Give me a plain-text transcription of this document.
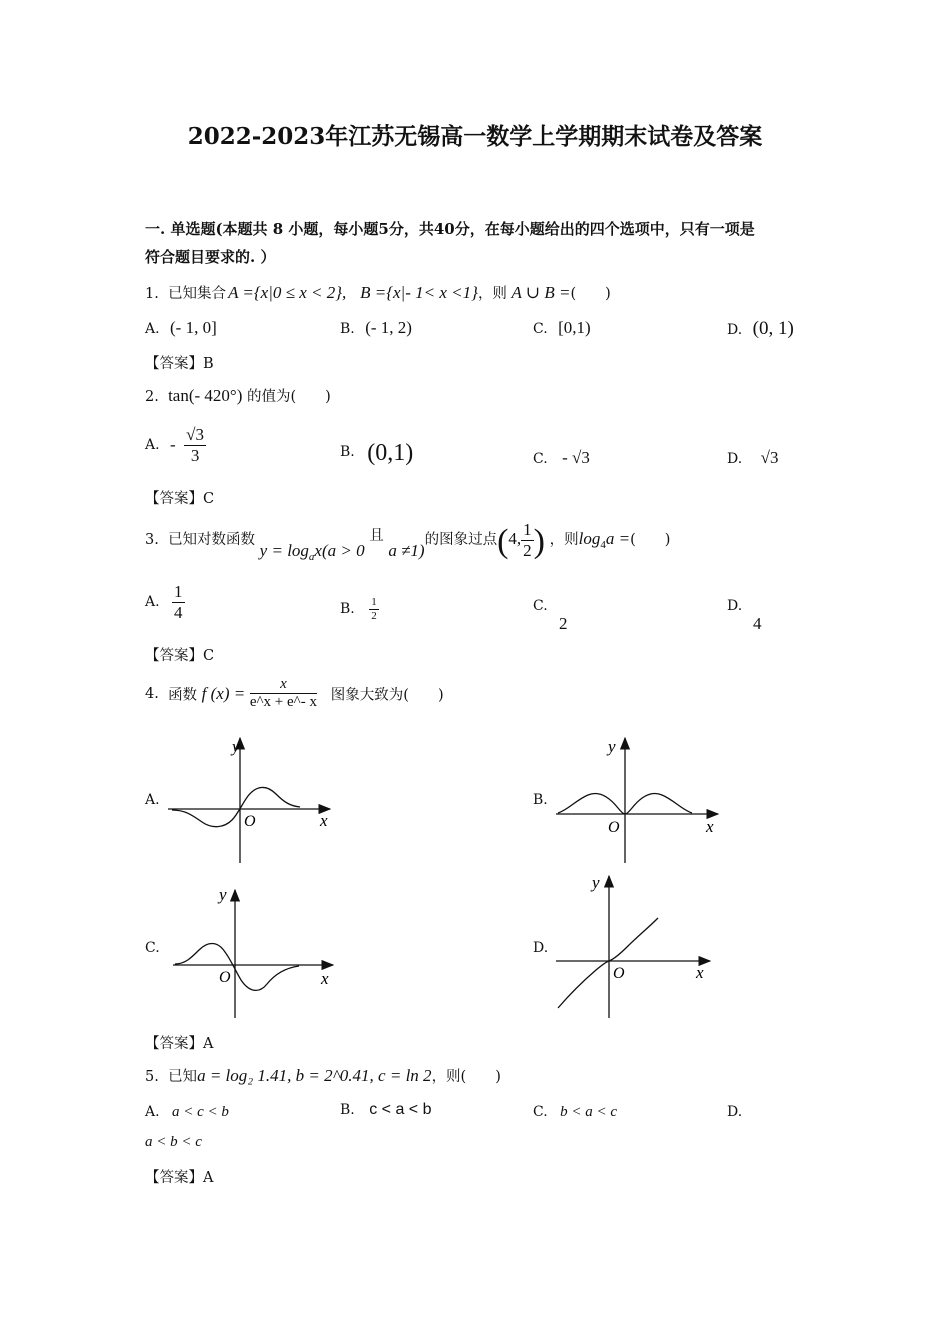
2022-2023年江苏无锡高一数学上学期期末试卷及答案
一. 单选题(本题共 8 小题，每小题5分，共40分，在每小题给出的四个选项中，只有一项是
符合题目要求的. ）
1. 已知集合 A ={x|0 ≤ x < 2}, B ={x|- 1< x <1}，则 A ∪ B =(　　)
A. (- 1, 0]	B. (- 1, 2)	C. [0,1)	D. (0, 1)
【答案】B
2. tan(- 420°) 的值为(　　)
A. - $\frac{√3}{3}$	B. (0,1)	C. - √3	D. √3
【答案】C
3. 已知对数函数 $y = \log_ax(a > 0$ 且 a ≠1)的图象过点(4, $\frac{1}{2}$ ) ，则$\log_4a$ =(　　)
A. $\frac{1}{4}$	B. $\frac{1}{2}$	C.
2
D.
4
【答案】C
4. 函数 f $(x) = \frac{x}{e\^{}x + e\^{}- x}$ 图象大致为(　　)
A.	B.
C.	D.
y
x
O
y
x
O
y
x
O
y
x
O
【答案】A
5. 已知a = log₂ 1.41, b = 2^0.41, c = ln 2，则(　　)
A. a < c < b	B. c < a < b	C. b < a < c	D.
a < b < c
【答案】A
